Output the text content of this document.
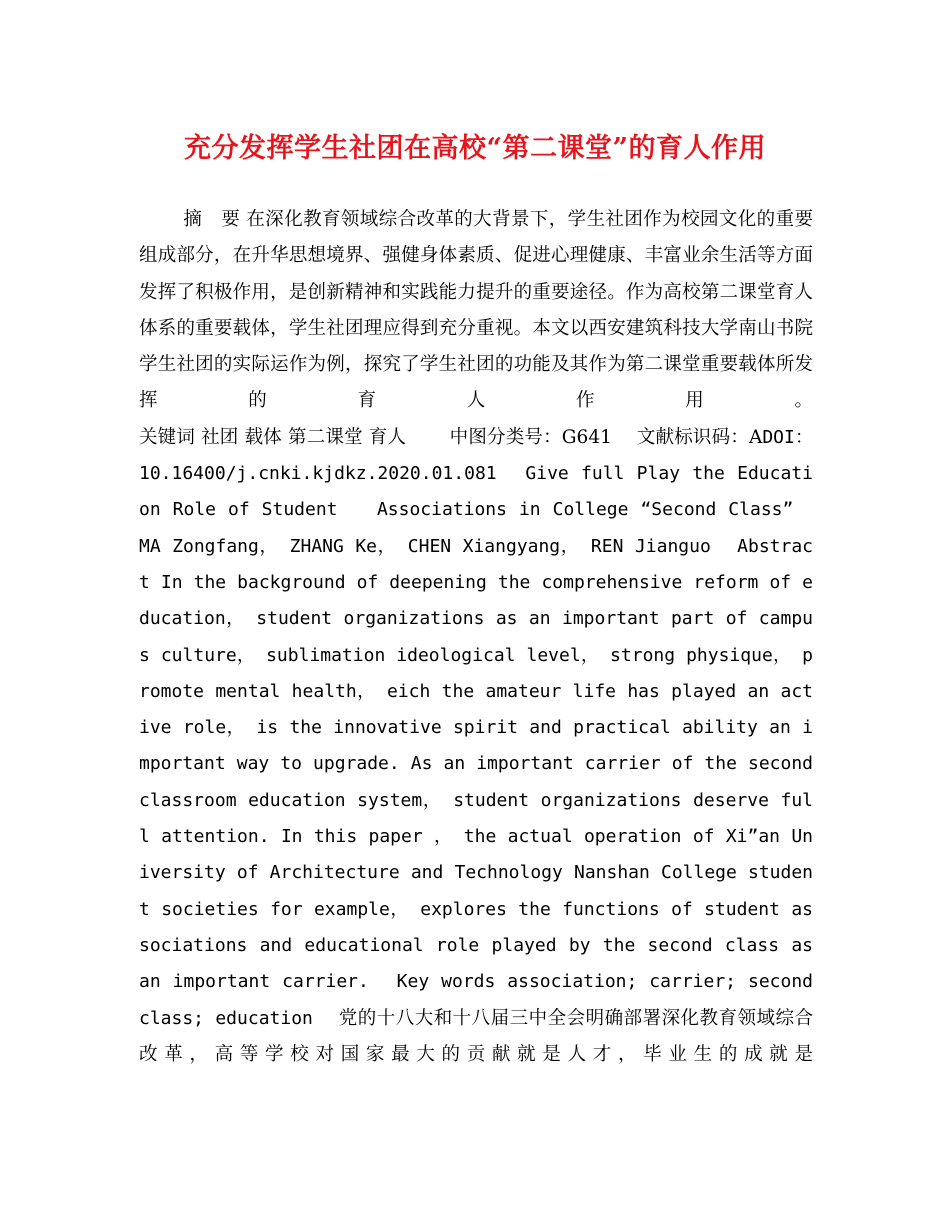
充分发挥学生社团在高校“第二课堂”的育人作用
摘　要 在深化教育领域综合改革的大背景下，学生社团作为校园文化的重要组成部分，在升华思想境界、强健身体素质、促进心理健康、丰富业余生活等方面发挥了积极作用，是创新精神和实践能力提升的重要途径。作为高校第二课堂育人体系的重要载体，学生社团理应得到充分重视。本文以西安建筑科技大学南山书院学生社团的实际运作为例，探究了学生社团的功能及其作为第二课堂重要载体所发挥的育人作用。
关键词 社团 载体 第二课堂 育人　　 中图分类号：G641　 文献标识码：ADOI：10.16400/j.cnki.kjdkz.2020.01.081　 Give full Play the Education Role of Student　　Associations in College “Second Class”　 MA Zongfang， ZHANG Ke， CHEN Xiangyang， REN Jianguo　 Abstract In the background of deepening the comprehensive reform of education， student organizations as an important part of campus culture， sublimation ideological level， strong physique， promote mental health， eich the amateur life has played an active role， is the innovative spirit and practical ability an important way to upgrade. As an important carrier of the second classroom education system， student organizations deserve full attention. In this paper ， the actual operation of Xi”an University of Architecture and Technology Nanshan College student societies for example， explores the functions of student associations and educational role played by the second class as an important carrier.　 Key words association; carrier; second class; education　 党的十八大和十八届三中全会明确部署深化教育领域综合改革，高等学校对国家最大的贡献就是人才，毕业生的成就是
